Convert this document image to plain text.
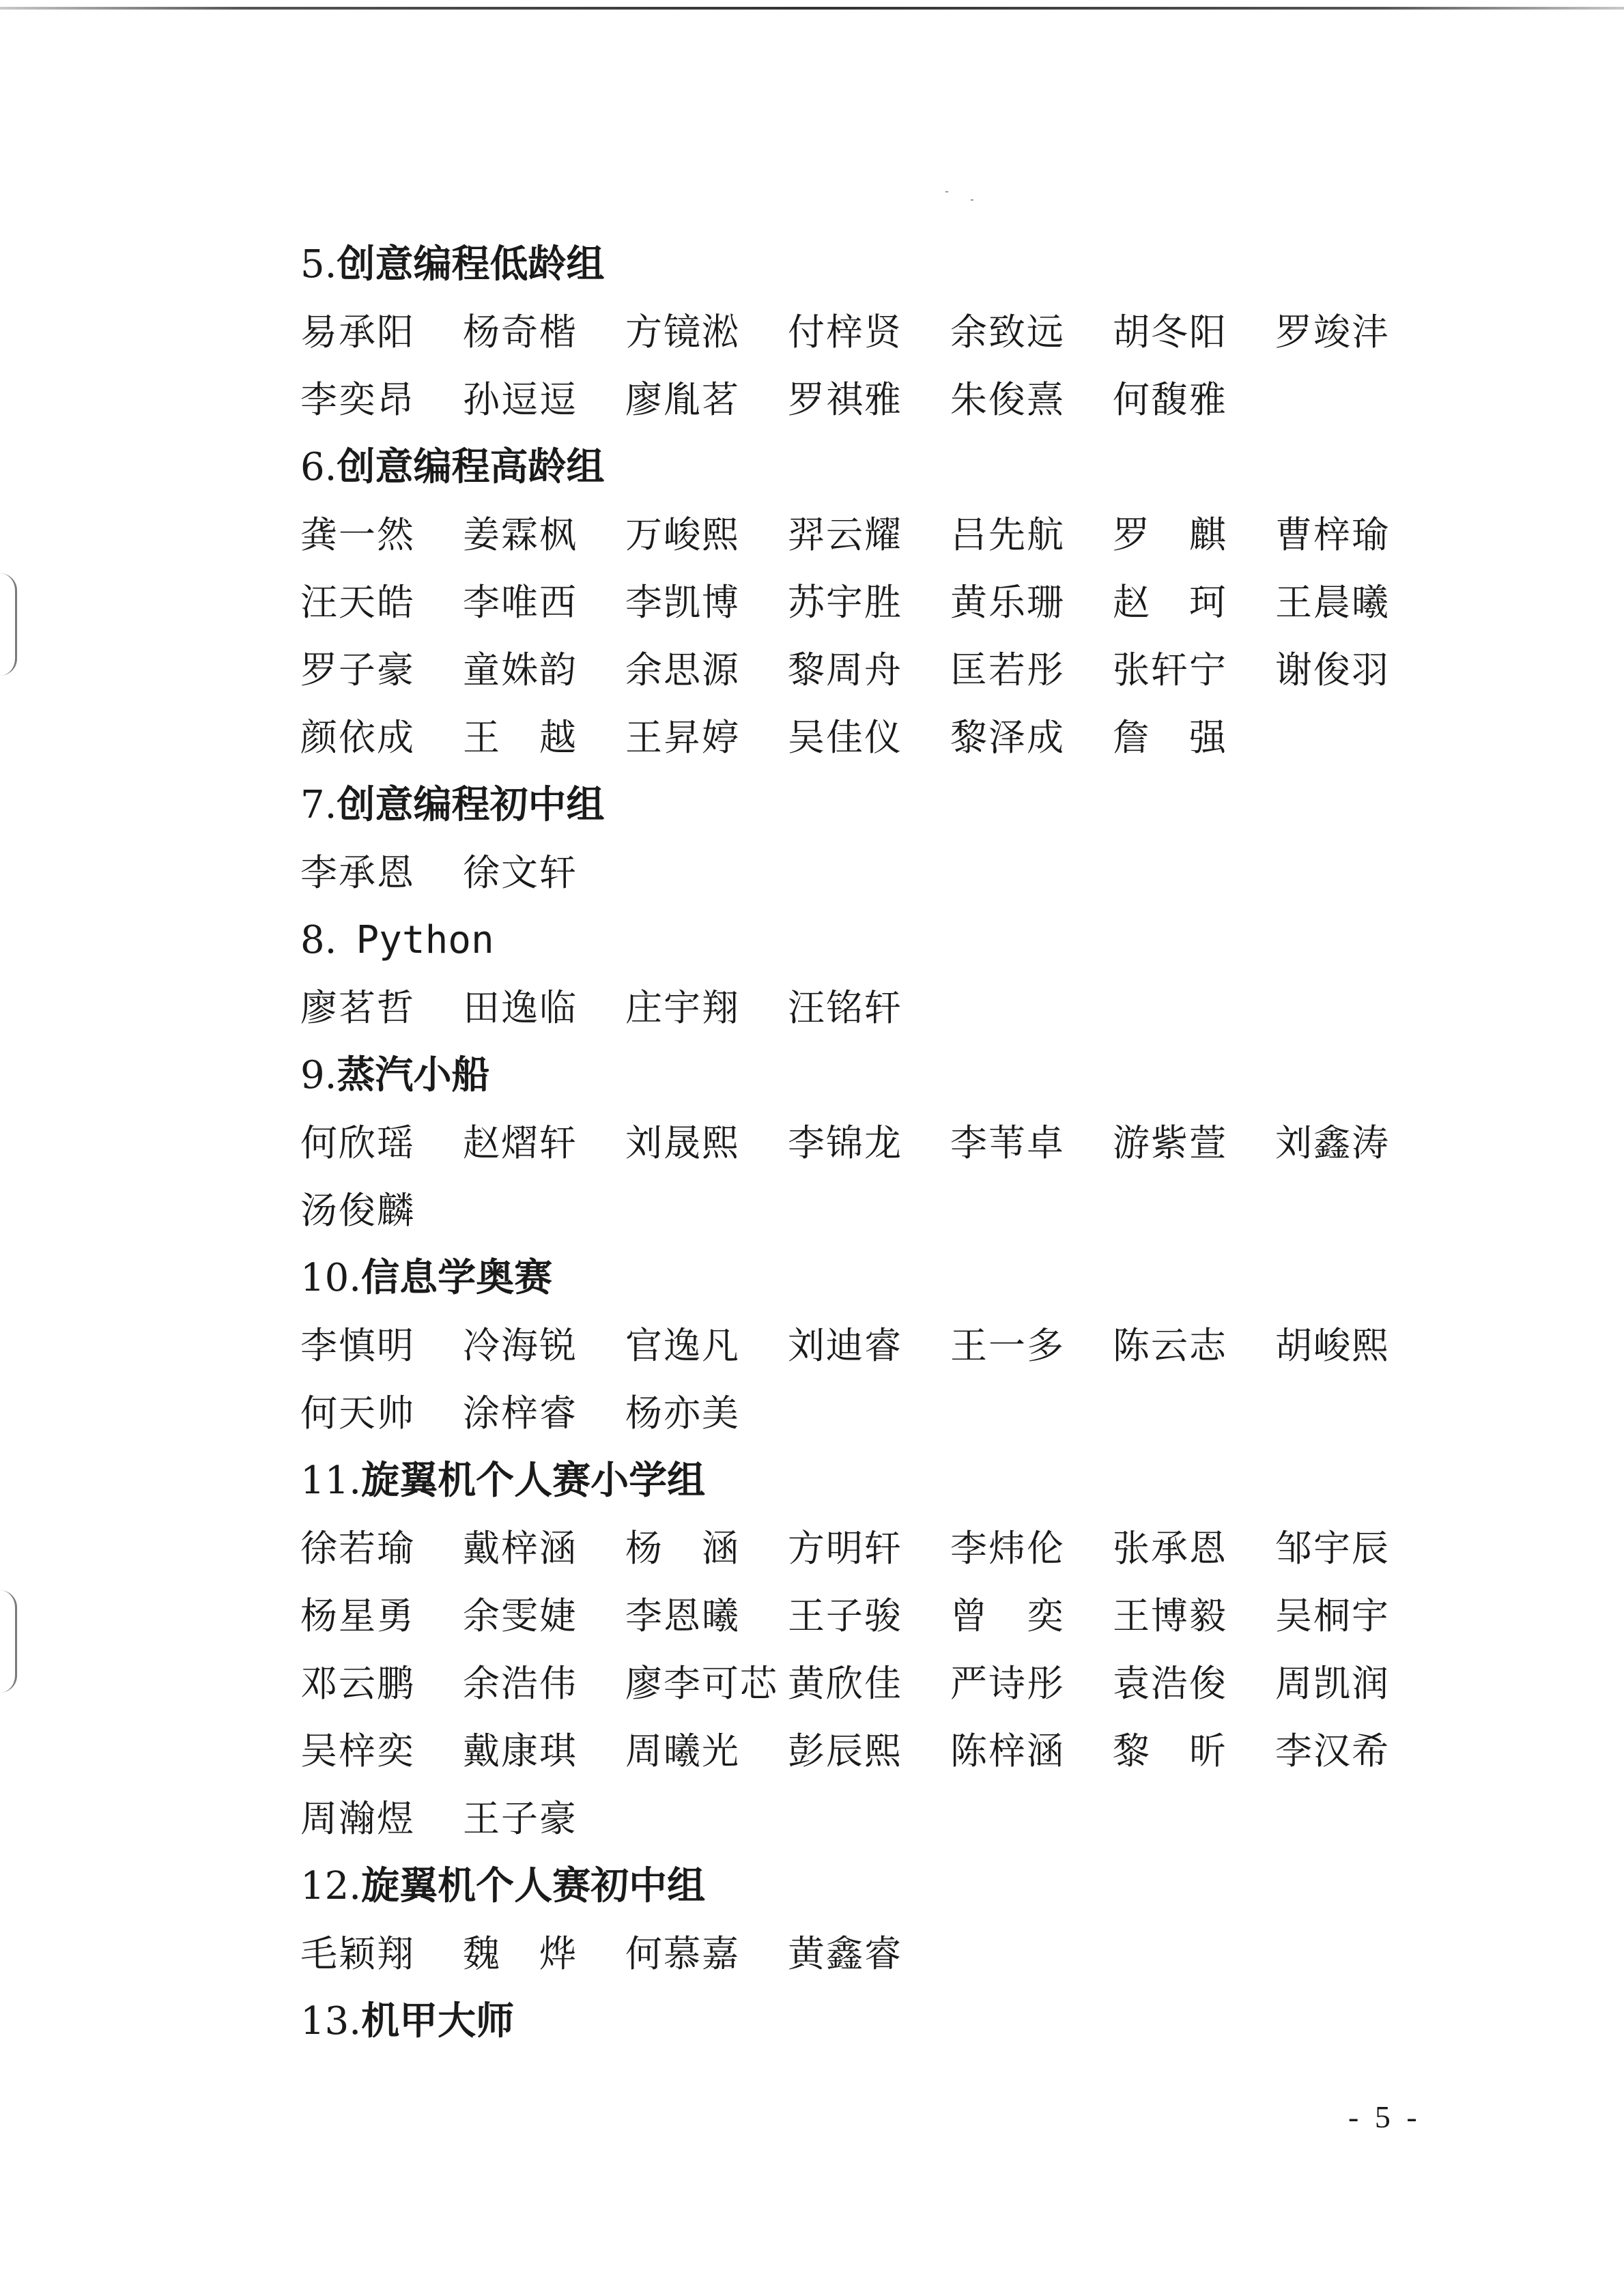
5.创意编程低龄组
易承阳 杨奇楷 方镜淞 付梓贤 余致远 胡冬阳 罗竣沣
李奕昂 孙逗逗 廖胤茗 罗祺雅 朱俊熹 何馥雅
6.创意编程高龄组
龚一然 姜霖枫 万峻熙 羿云耀 吕先航 罗　麒 曹梓瑜
汪天皓 李唯西 李凯博 苏宇胜 黄乐珊 赵　珂 王晨曦
罗子豪 童姝韵 余思源 黎周舟 匡若彤 张轩宁 谢俊羽
颜依成 王　越 王昇婷 吴佳仪 黎泽成 詹　强
7.创意编程初中组
李承恩 徐文轩
8. Python
廖茗哲 田逸临 庄宇翔 汪铭轩
9.蒸汽小船
何欣瑶 赵熠轩 刘晟熙 李锦龙 李苇卓 游紫萱 刘鑫涛
汤俊麟
10.信息学奥赛
李慎明 冷海锐 官逸凡 刘迪睿 王一多 陈云志 胡峻熙
何天帅 涂梓睿 杨亦美
11.旋翼机个人赛小学组
徐若瑜 戴梓涵 杨　涵 方明轩 李炜伦 张承恩 邹宇辰
杨星勇 余雯婕 李恩曦 王子骏 曾　奕 王博毅 吴桐宇
邓云鹏 余浩伟 廖李可芯 黄欣佳 严诗彤 袁浩俊 周凯润
吴梓奕 戴康琪 周曦光 彭辰熙 陈梓涵 黎　昕 李汉希
周瀚煜 王子豪
12.旋翼机个人赛初中组
毛颖翔 魏　烨 何慕嘉 黄鑫睿
13.机甲大师
- 5 -
